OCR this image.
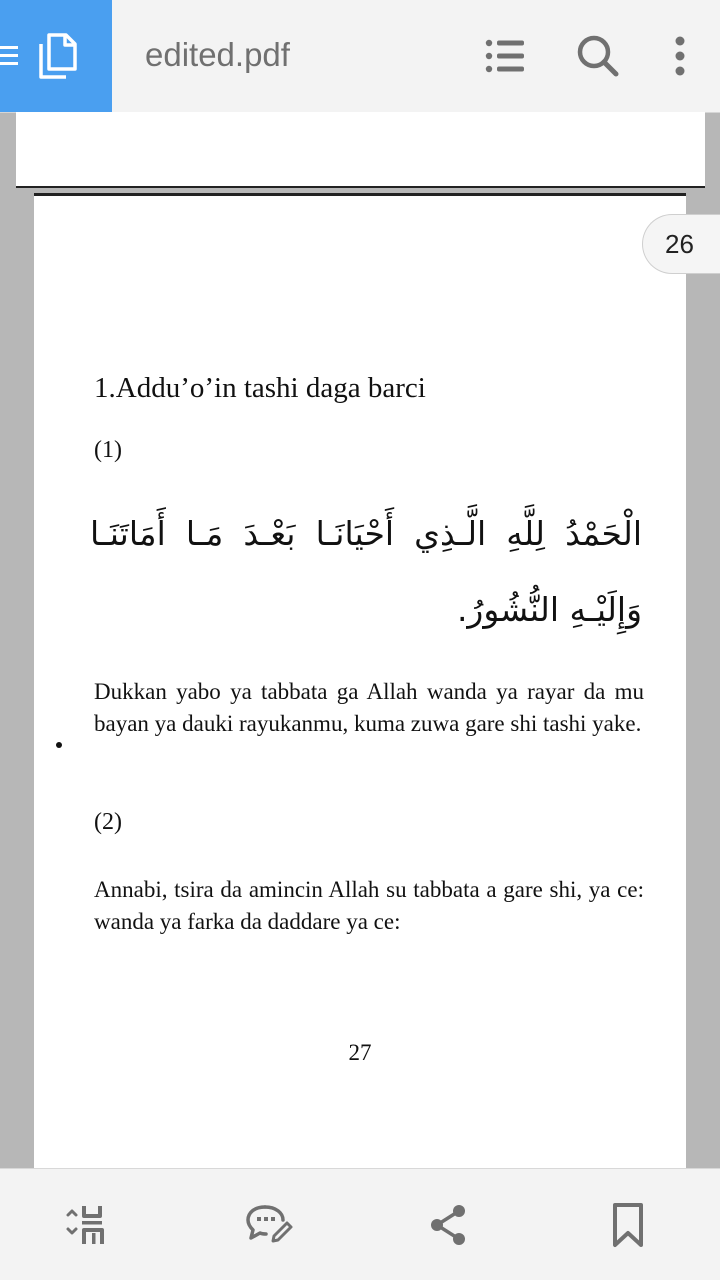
edited.pdf
1.Addu’o’in tashi daga barci
(1)
الْحَمْدُ لِلَّهِ الَّـذِي أَحْيَانَـا بَعْـدَ مَـا أَمَاتَنَـا وَإِلَيْـهِ النُّشُورُ.
Dukkan yabo ya tabbata ga Allah wanda ya rayar da mu bayan ya dauki rayukanmu, kuma zuwa gare shi tashi yake.
(2)
Annabi, tsira da amincin Allah su tabbata a gare shi, ya ce: wanda ya farka da daddare ya ce:
27
26
